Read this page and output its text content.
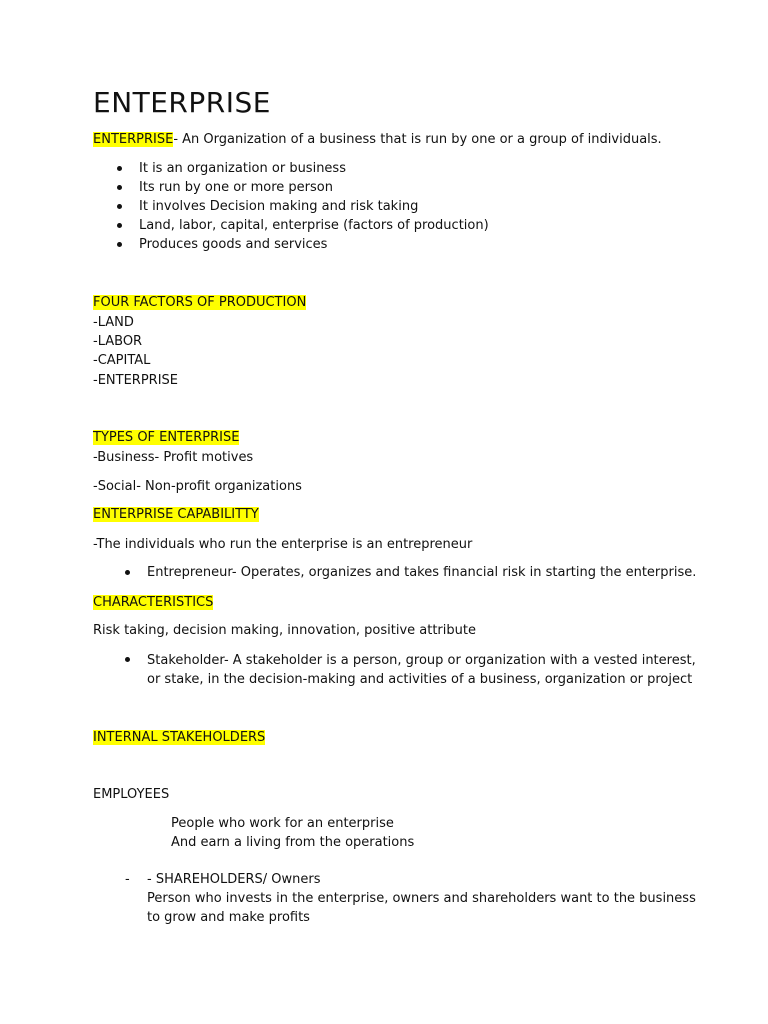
ENTERPRISE
ENTERPRISE- An Organization of a business that is run by one or a group of individuals.
It is an organization or business
Its run by one or more person
It involves Decision making and risk taking
Land, labor, capital, enterprise (factors of production)
Produces goods and services
FOUR FACTORS OF PRODUCTION
-LAND
-LABOR
-CAPITAL
-ENTERPRISE
TYPES OF ENTERPRISE
-Business- Profit motives
-Social- Non-profit organizations
ENTERPRISE CAPABILITTY
-The individuals who run the enterprise is an entrepreneur
Entrepreneur- Operates, organizes and takes financial risk in starting the enterprise.
CHARACTERISTICS
Risk taking, decision making, innovation, positive attribute
Stakeholder- A stakeholder is a person, group or organization with a vested interest,
or stake, in the decision-making and activities of a business, organization or project
INTERNAL STAKEHOLDERS
EMPLOYEES
People who work for an enterprise
And earn a living from the operations
- - SHAREHOLDERS/ Owners
Person who invests in the enterprise, owners and shareholders want to the business
to grow and make profits
